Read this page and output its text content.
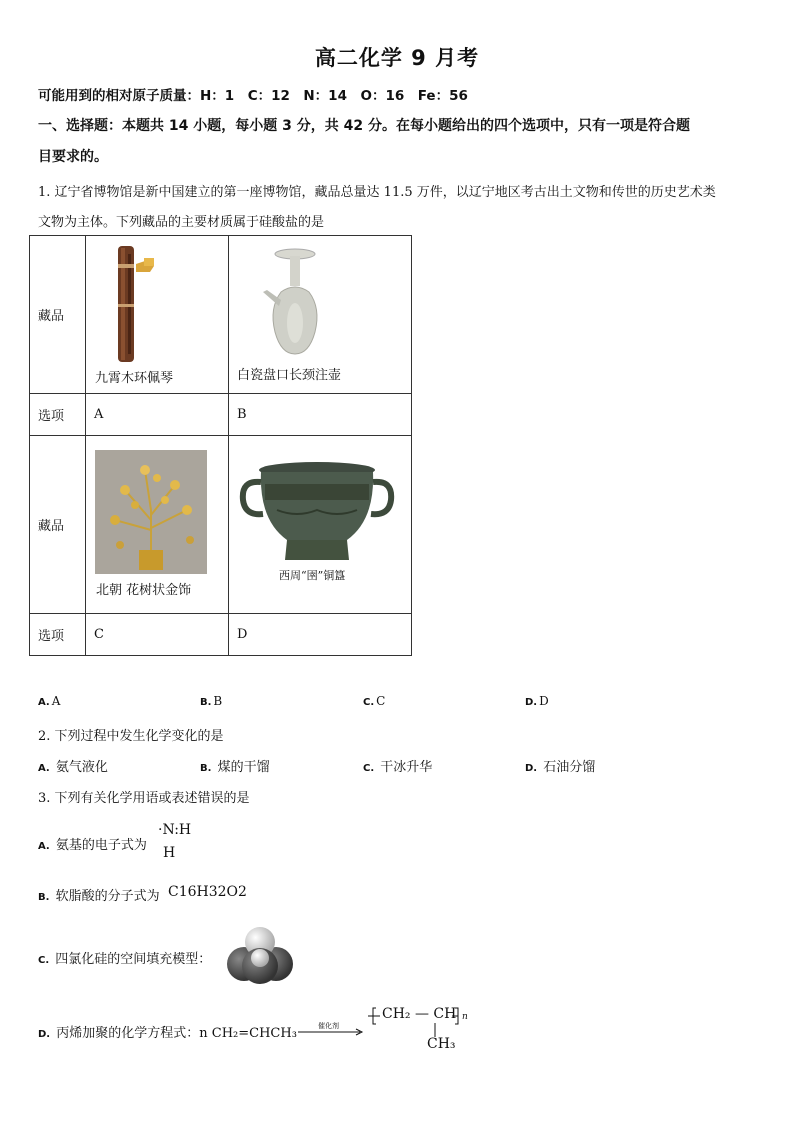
高二化学 9 月考
可能用到的相对原子质量：H：1　C：12　N：14　O：16　Fe：56
一、选择题：本题共 14 小题，每小题 3 分，共 42 分。在每小题给出的四个选项中，只有一项是符合题
目要求的。
1. 辽宁省博物馆是新中国建立的第一座博物馆，藏品总量达 11.5 万件，以辽宁地区考古出土文物和传世的历史艺术类
文物为主体。下列藏品的主要材质属于硅酸盐的是
藏品	九霄木环佩琴	白瓷盘口长颈注壶

选项	A	B
藏品	北朝 花树状金饰	西周“圉”铜簋

选项	C	D
A. A	B. B	C. C	D. D
2. 下列过程中发生化学变化的是
A. 氨气液化	B. 煤的干馏	C. 干冰升华	D. 石油分馏
3. 下列有关化学用语或表述错误的是
A. 氨基的电子式为
·N:H
H
B. 软脂酸的分子式为 C16H32O2
C. 四氯化硅的空间填充模型：
D. 丙烯加聚的化学方程式：n CH₂=CHCH₃	催化剂
CH₂ — CH n
CH₃
